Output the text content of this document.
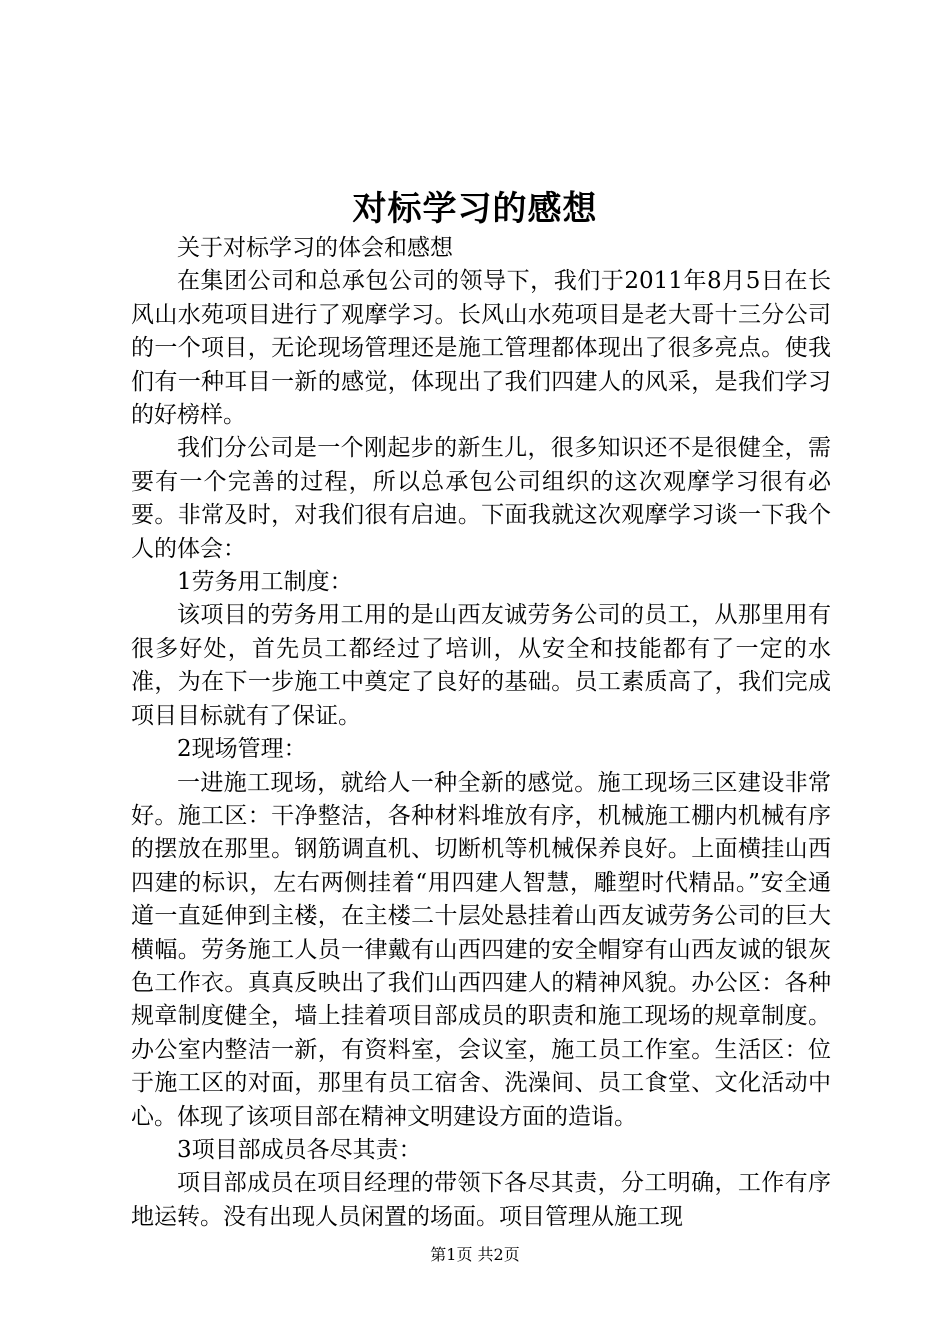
对标学习的感想

关于对标学习的体会和感想

在集团公司和总承包公司的领导下，我们于2011年8月5日在长风山水苑项目进行了观摩学习。长风山水苑项目是老大哥十三分公司的一个项目，无论现场管理还是施工管理都体现出了很多亮点。使我们有一种耳目一新的感觉，体现出了我们四建人的风采，是我们学习的好榜样。

我们分公司是一个刚起步的新生儿，很多知识还不是很健全，需要有一个完善的过程，所以总承包公司组织的这次观摩学习很有必要。非常及时，对我们很有启迪。下面我就这次观摩学习谈一下我个人的体会：

1劳务用工制度：

该项目的劳务用工用的是山西友诚劳务公司的员工，从那里用有很多好处，首先员工都经过了培训，从安全和技能都有了一定的水准，为在下一步施工中奠定了良好的基础。员工素质高了，我们完成项目目标就有了保证。

2现场管理：

一进施工现场，就给人一种全新的感觉。施工现场三区建设非常好。施工区：干净整洁，各种材料堆放有序，机械施工棚内机械有序的摆放在那里。钢筋调直机、切断机等机械保养良好。上面横挂山西四建的标识，左右两侧挂着“用四建人智慧，雕塑时代精品。”安全通道一直延伸到主楼，在主楼二十层处悬挂着山西友诚劳务公司的巨大横幅。劳务施工人员一律戴有山西四建的安全帽穿有山西友诚的银灰色工作衣。真真反映出了我们山西四建人的精神风貌。办公区：各种规章制度健全，墙上挂着项目部成员的职责和施工现场的规章制度。办公室内整洁一新，有资料室，会议室，施工员工作室。生活区：位于施工区的对面，那里有员工宿舍、洗澡间、员工食堂、文化活动中心。体现了该项目部在精神文明建设方面的造诣。

3项目部成员各尽其责：

项目部成员在项目经理的带领下各尽其责，分工明确，工作有序地运转。没有出现人员闲置的场面。项目管理从施工现

第1页 共2页
